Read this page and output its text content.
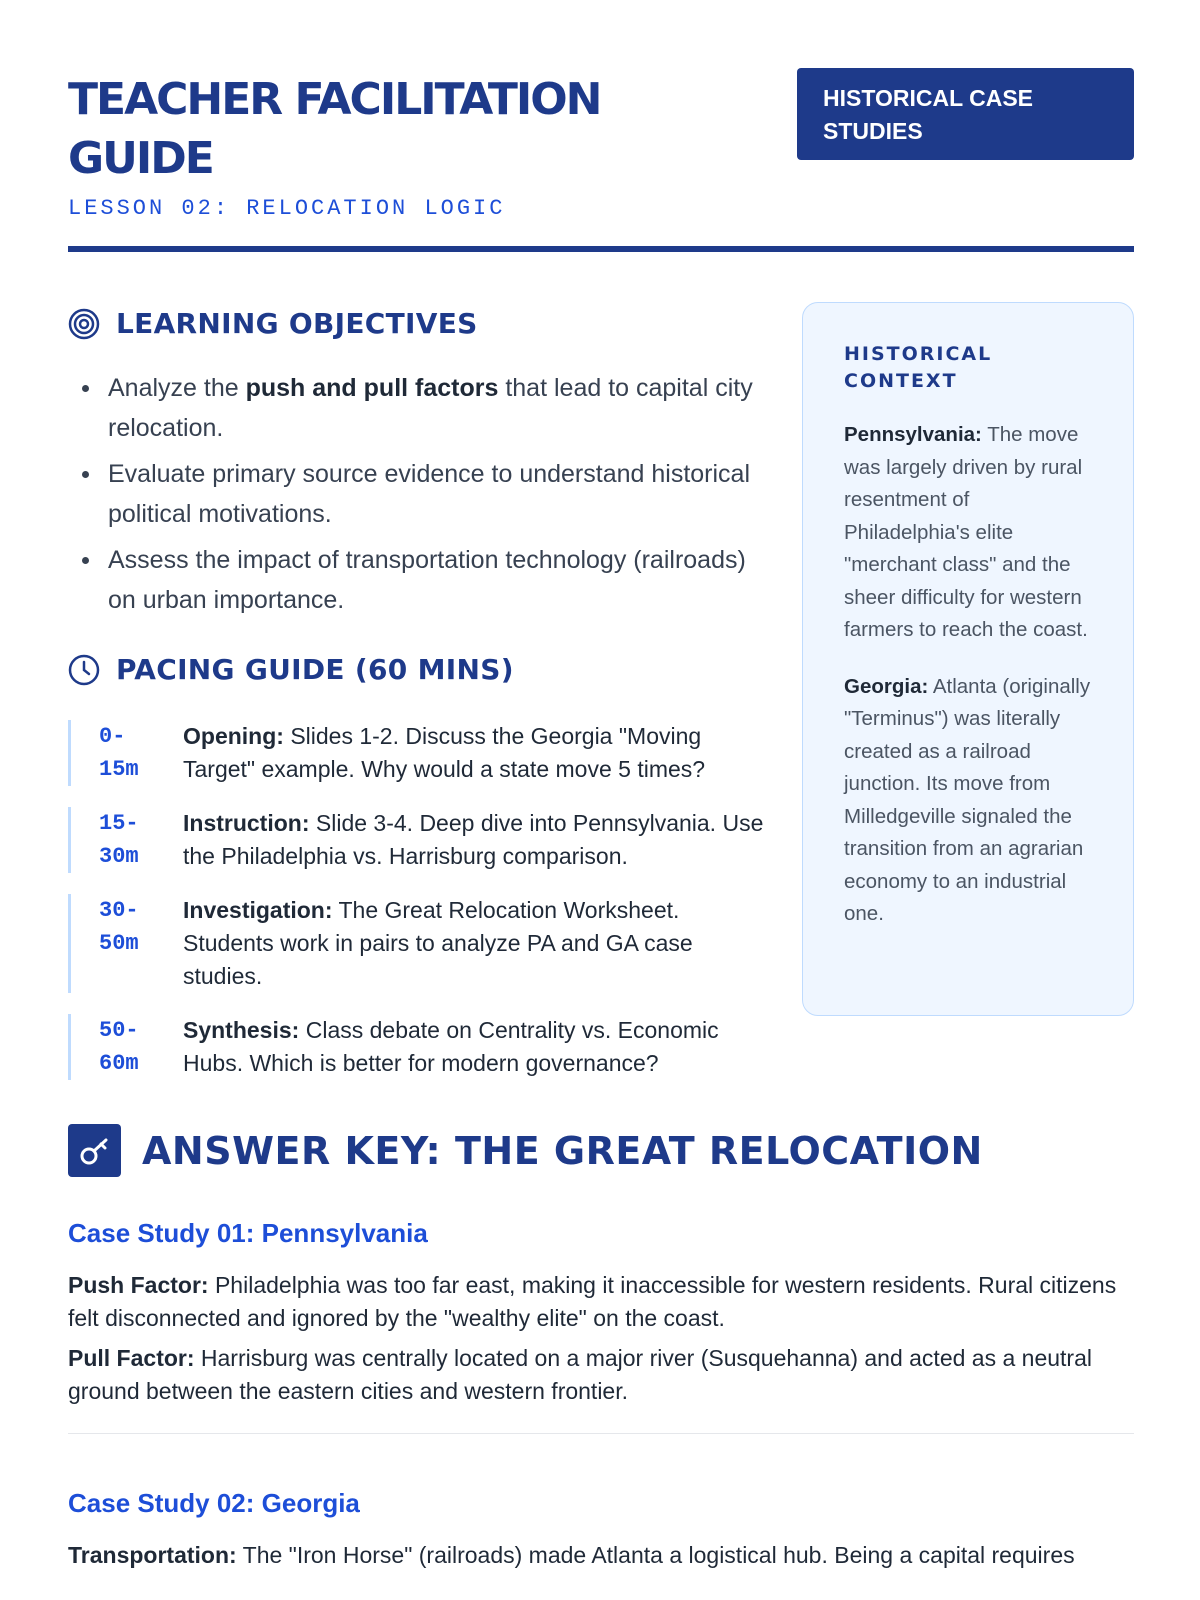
TEACHER FACILITATION GUIDE
LESSON 02: RELOCATION LOGIC
HISTORICAL CASE STUDIES
LEARNING OBJECTIVES
Analyze the push and pull factors that lead to capital city relocation.
Evaluate primary source evidence to understand historical political motivations.
Assess the impact of transportation technology (railroads) on urban importance.
PACING GUIDE (60 MINS)
0-
15m
Opening: Slides 1-2. Discuss the Georgia "Moving Target" example. Why would a state move 5 times?
15-
30m
Instruction: Slide 3-4. Deep dive into Pennsylvania. Use the Philadelphia vs. Harrisburg comparison.
30-
50m
Investigation: The Great Relocation Worksheet. Students work in pairs to analyze PA and GA case studies.
50-
60m
Synthesis: Class debate on Centrality vs. Economic Hubs. Which is better for modern governance?
HISTORICAL CONTEXT

Pennsylvania: The move was largely driven by rural resentment of Philadelphia's elite "merchant class" and the sheer difficulty for western farmers to reach the coast.

Georgia: Atlanta (originally "Terminus") was literally created as a railroad junction. Its move from Milledgeville signaled the transition from an agrarian economy to an industrial one.

ANSWER KEY: THE GREAT RELOCATION
Case Study 01: Pennsylvania

Push Factor: Philadelphia was too far east, making it inaccessible for western residents. Rural citizens felt disconnected and ignored by the "wealthy elite" on the coast.

Pull Factor: Harrisburg was centrally located on a major river (Susquehanna) and acted as a neutral ground between the eastern cities and western frontier.

Case Study 02: Georgia

Transportation: The "Iron Horse" (railroads) made Atlanta a logistical hub. Being a capital requires
